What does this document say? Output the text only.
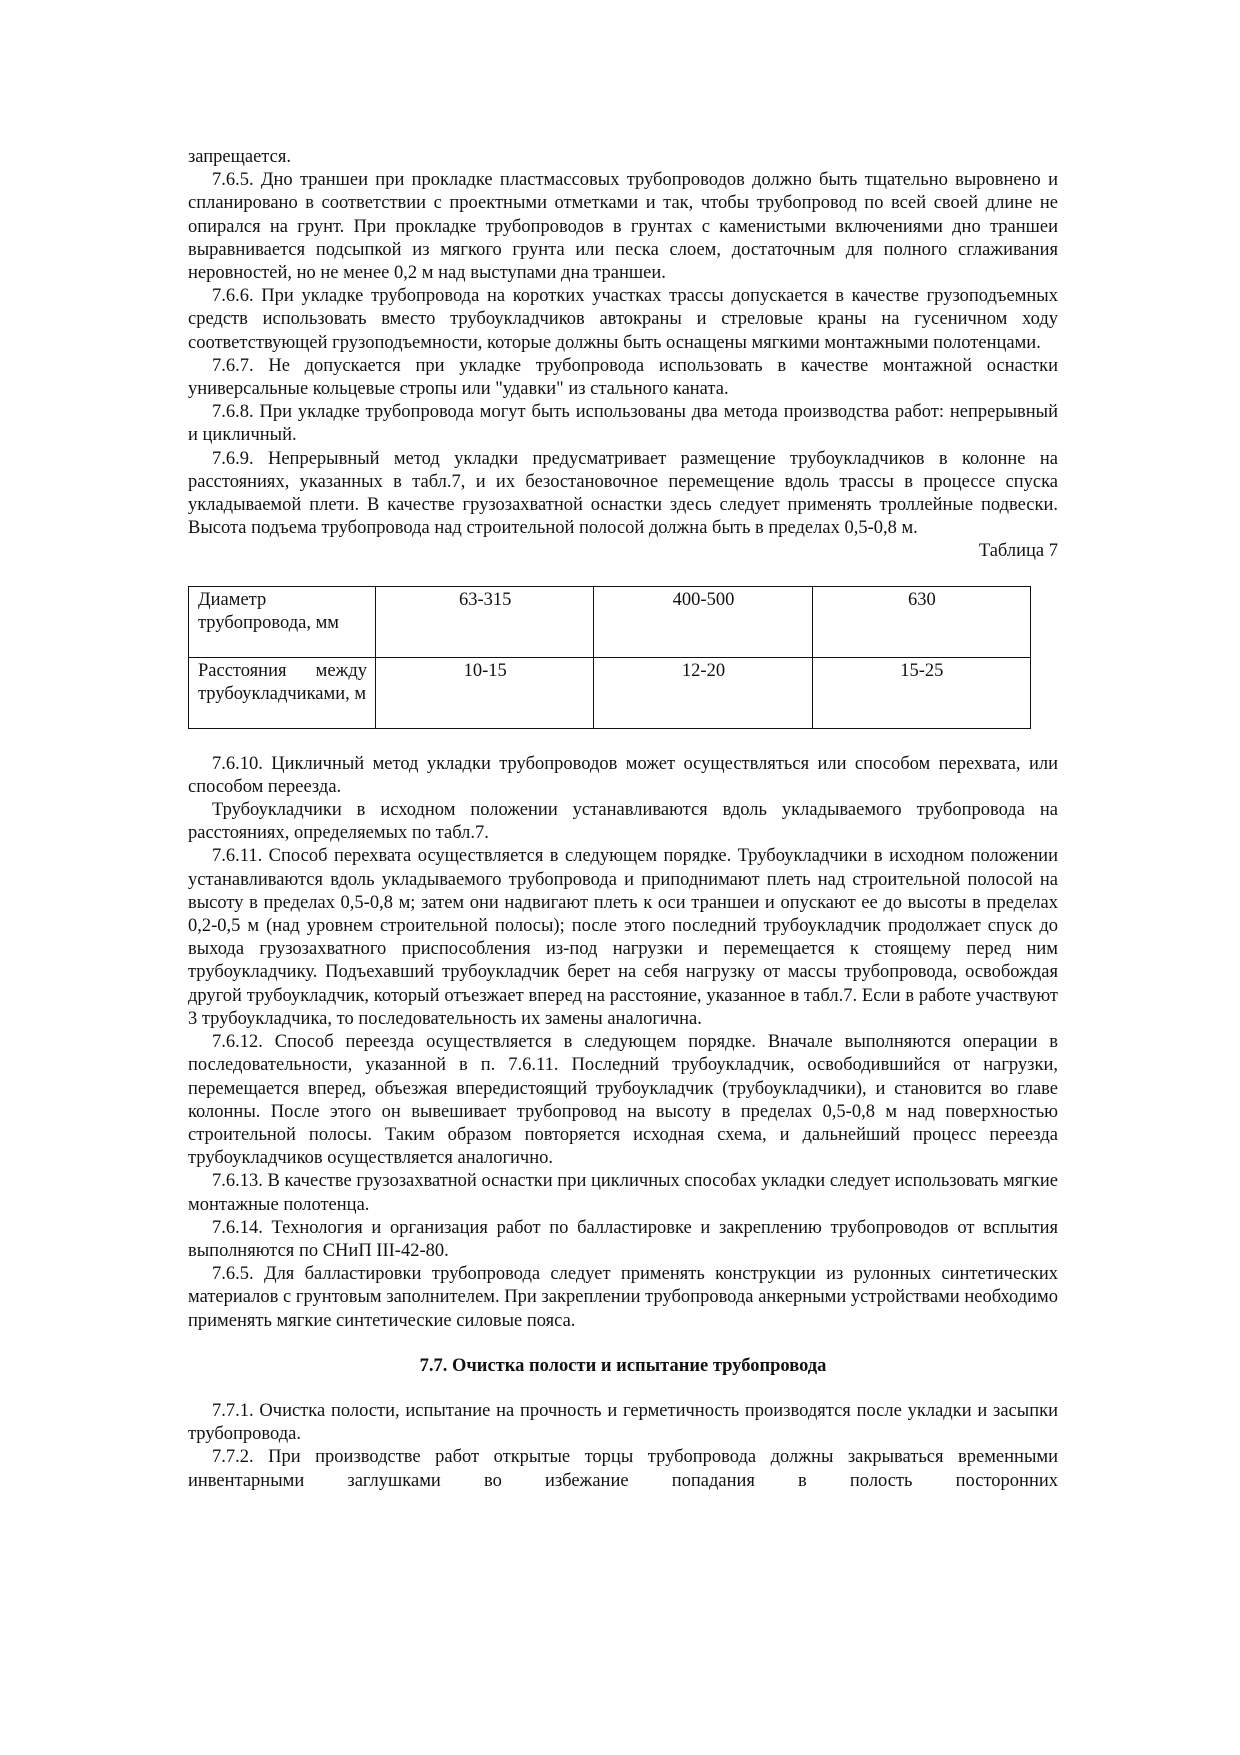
запрещается.

7.6.5. Дно траншеи при прокладке пластмассовых трубопроводов должно быть тщательно выровнено и спланировано в соответствии с проектными отметками и так, чтобы трубопровод по всей своей длине не опирался на грунт. При прокладке трубопроводов в грунтах с каменистыми включениями дно траншеи выравнивается подсыпкой из мягкого грунта или песка слоем, достаточным для полного сглаживания неровностей, но не менее 0,2 м над выступами дна траншеи.

7.6.6. При укладке трубопровода на коротких участках трассы допускается в качестве грузоподъемных средств использовать вместо трубоукладчиков автокраны и стреловые краны на гусеничном ходу соответствующей грузоподъемности, которые должны быть оснащены мягкими монтажными полотенцами.

7.6.7. Не допускается при укладке трубопровода использовать в качестве монтажной оснастки универсальные кольцевые стропы или "удавки" из стального каната.

7.6.8. При укладке трубопровода могут быть использованы два метода производства работ: непрерывный и цикличный.

7.6.9. Непрерывный метод укладки предусматривает размещение трубоукладчиков в колонне на расстояниях, указанных в табл.7, и их безостановочное перемещение вдоль трассы в процессе спуска укладываемой плети. В качестве грузозахватной оснастки здесь следует применять троллейные подвески. Высота подъема трубопровода над строительной полосой должна быть в пределах 0,5-0,8 м.

Таблица 7

Диаметр трубопровода, мм	63-315	400-500	630
Расстояния между трубоукладчиками, м	10-15	12-20	15-25

7.6.10. Цикличный метод укладки трубопроводов может осуществляться или способом перехвата, или способом переезда.

Трубоукладчики в исходном положении устанавливаются вдоль укладываемого трубопровода на расстояниях, определяемых по табл.7.

7.6.11. Способ перехвата осуществляется в следующем порядке. Трубоукладчики в исходном положении устанавливаются вдоль укладываемого трубопровода и приподнимают плеть над строительной полосой на высоту в пределах 0,5-0,8 м; затем они надвигают плеть к оси траншеи и опускают ее до высоты в пределах 0,2-0,5 м (над уровнем строительной полосы); после этого последний трубоукладчик продолжает спуск до выхода грузозахватного приспособления из-под нагрузки и перемещается к стоящему перед ним трубоукладчику. Подъехавший трубоукладчик берет на себя нагрузку от массы трубопровода, освобождая другой трубоукладчик, который отъезжает вперед на расстояние, указанное в табл.7. Если в работе участвуют 3 трубоукладчика, то последовательность их замены аналогична.

7.6.12. Способ переезда осуществляется в следующем порядке. Вначале выполняются операции в последовательности, указанной в п. 7.6.11. Последний трубоукладчик, освободившийся от нагрузки, перемещается вперед, объезжая впередистоящий трубоукладчик (трубоукладчики), и становится во главе колонны. После этого он вывешивает трубопровод на высоту в пределах 0,5-0,8 м над поверхностью строительной полосы. Таким образом повторяется исходная схема, и дальнейший процесс переезда трубоукладчиков осуществляется аналогично.

7.6.13. В качестве грузозахватной оснастки при цикличных способах укладки следует использовать мягкие монтажные полотенца.

7.6.14. Технология и организация работ по балластировке и закреплению трубопроводов от всплытия выполняются по СНиП III-42-80.

7.6.5. Для балластировки трубопровода следует применять конструкции из рулонных синтетических материалов с грунтовым заполнителем. При закреплении трубопровода анкерными устройствами необходимо применять мягкие синтетические силовые пояса.

7.7. Очистка полости и испытание трубопровода

7.7.1. Очистка полости, испытание на прочность и герметичность производятся после укладки и засыпки трубопровода.

7.7.2. При производстве работ открытые торцы трубопровода должны закрываться временными инвентарными заглушками во избежание попадания в полость посторонних
